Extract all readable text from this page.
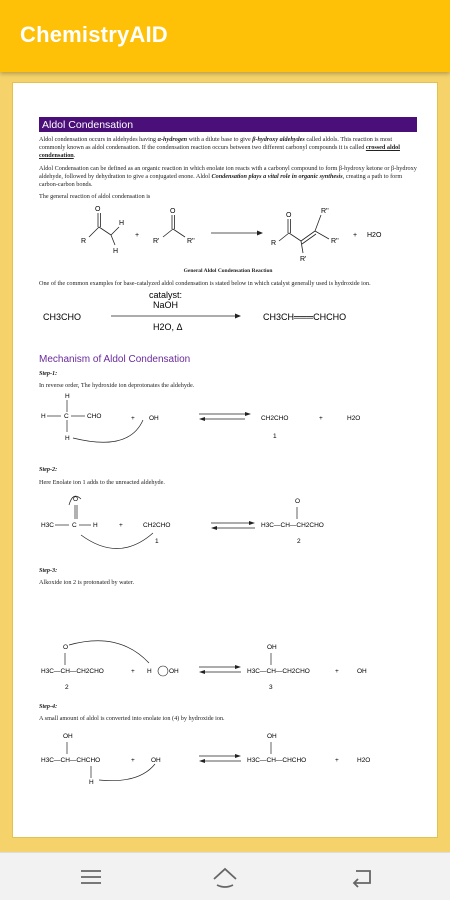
ChemistryAID
Aldol Condensation
Aldol condensation occurs in aldehydes having α-hydrogen with a dilute base to give β-hydroxy aldehydes called aldols. This reaction is most commonly known as aldol condensation. If the condensation reaction occurs between two different carbonyl compounds it is called crossed aldol condensation.
Aldol Condensation can be defined as an organic reaction in which enolate ion reacts with a carbonyl compound to form β-hydroxy ketone or β-hydroxy aldehyde, followed by dehydration to give a conjugated enone. Aldol Condensation plays a vital role in organic synthesis, creating a path to form carbon-carbon bonds.
The general reaction of aldol condensation is
O
R
H
H
+
O
R'	R''
O
R
R''
R''
R'
+ H2O
General Aldol Condensation Reaction
One of the common examples for base-catalyzed aldol condensation is stated below in which catalyst generally used is hydroxide ion.
CH3CHO
catalyst:
NaOH
H2O, Δ
CH3CH═══CHCHO
Mechanism of Aldol Condensation
Step-1:
In reverse order, The hydroxide ion deprotonates the aldehyde.
H
H	C	CHO
H
+ OH	CH2CHO
1
+	H2O
Step-2:
Here Enolate ion 1 adds to the unreacted aldehyde.
O
H3C	C	H	+	CH2CHO
1
O
H3C—CH—CH2CHO
2
Step-3:
Alkoxide ion 2 is protonated by water.
O
H3C—CH—CH2CHO
2
+ H	OH
OH
H3C—CH—CH2CHO
3
+	OH
Step-4:
A small amount of aldol is converted into enolate ion (4) by hydroxide ion.
OH
H3C—CH—CHCHO
H
+ OH
OH
H3C—CH—CHCHO	+	H2O
